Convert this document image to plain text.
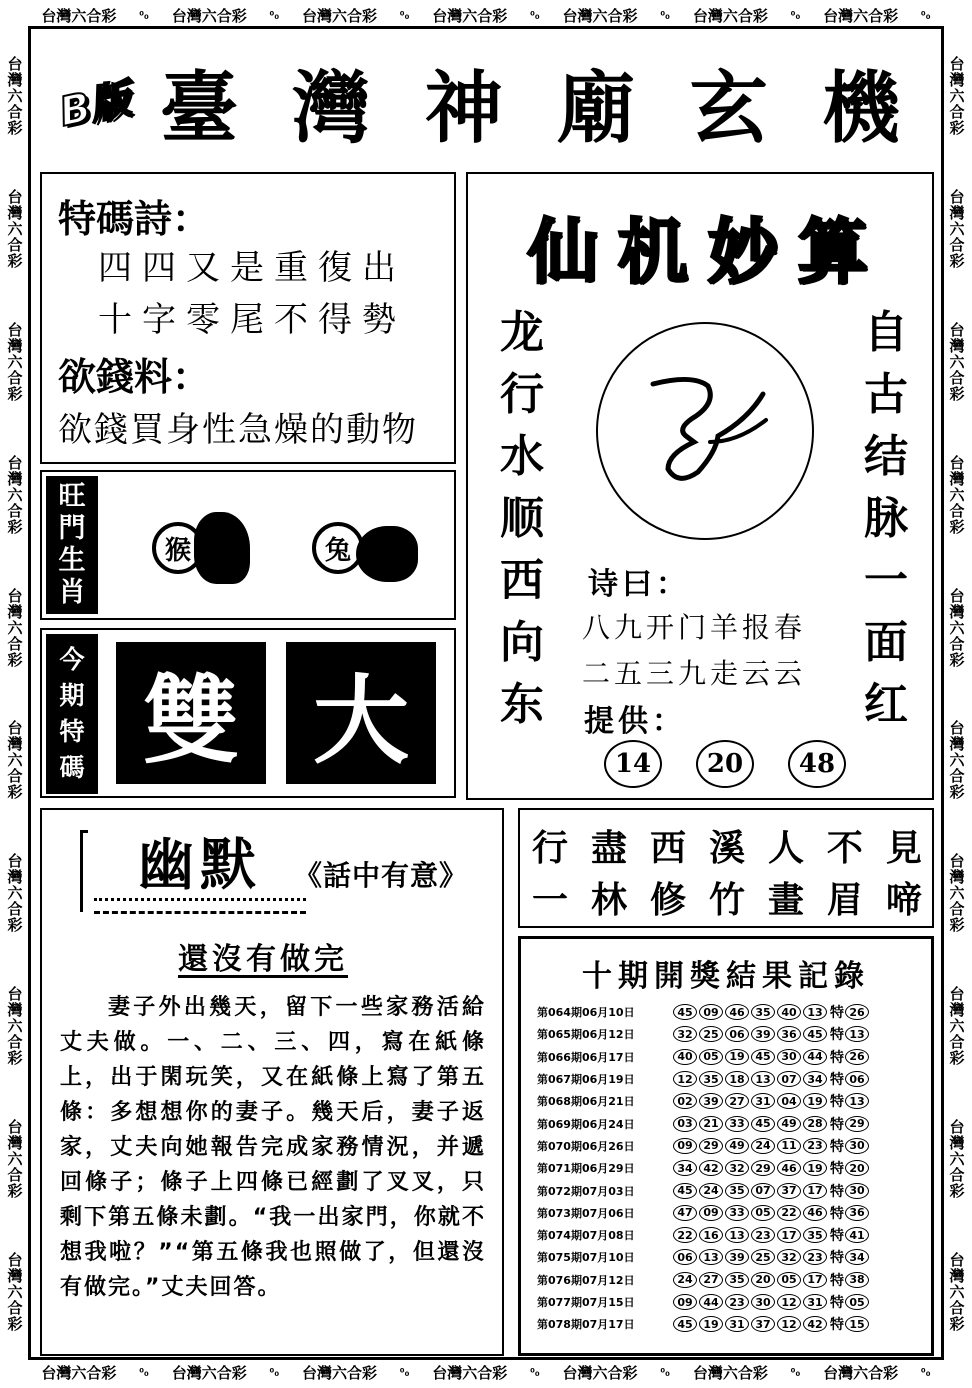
台灣六合彩 ⁰₀ 台灣六合彩 ⁰₀ 台灣六合彩 ⁰₀ 台灣六合彩 ⁰₀ 台灣六合彩 ⁰₀ 台灣六合彩 ⁰₀ 台灣六合彩 ⁰₀
台灣六合彩 ⁰₀ 台灣六合彩 ⁰₀ 台灣六合彩 ⁰₀ 台灣六合彩 ⁰₀ 台灣六合彩 ⁰₀ 台灣六合彩 ⁰₀ 台灣六合彩 ⁰₀
台灣六合彩
台灣六合彩
台灣六合彩
台灣六合彩
台灣六合彩
台灣六合彩
台灣六合彩
台灣六合彩
台灣六合彩
台灣六合彩
台灣六合彩
台灣六合彩
台灣六合彩
台灣六合彩
台灣六合彩
台灣六合彩
台灣六合彩
台灣六合彩
台灣六合彩
台灣六合彩
B版 臺 灣 神 廟 玄 機
特碼詩：
四四又是重復出
十字零尾不得勢
欲錢料：
欲錢買身性急燥的動物
旺
門
生
肖
猴	兔
今
期
特
碼 雙 大
仙 机 妙 算
龙
行
水
顺
西
向
东
自
古
结
脉
一
面
红
诗曰：
八九开门羊报春
二五三九走云云
提供：
14	20	48
幽默	《話中有意》
還沒有做完
妻子外出幾天，留下一些家務活給丈夫做。一、二、三、四，寫在紙條上，出于閑玩笑，又在紙條上寫了第五條：多想想你的妻子。幾天后，妻子返家，丈夫向她報告完成家務情況，并遞回條子；條子上四條已經劃了叉叉，只剩下第五條未劃。“我一出家門，你就不想我啦？”“第五條我也照做了，但還沒有做完。”丈夫回答。
行 盡 西 溪 人 不 見
一 林 修 竹 畫 眉 啼
十期開獎結果記錄
第064期06月10日	45 09 46 35 40 13 特 26
第065期06月12日	32 25 06 39 36 45 特 13
第066期06月17日	40 05 19 45 30 44 特 26
第067期06月19日	12 35 18 13 07 34 特 06
第068期06月21日	02 39 27 31 04 19 特 13
第069期06月24日	03 21 33 45 49 28 特 29
第070期06月26日	09 29 49 24 11 23 特 30
第071期06月29日	34 42 32 29 46 19 特 20
第072期07月03日	45 24 35 07 37 17 特 30
第073期07月06日	47 09 33 05 22 46 特 36
第074期07月08日	22 16 13 23 17 35 特 41
第075期07月10日	06 13 39 25 32 23 特 34
第076期07月12日	24 27 35 20 05 17 特 38
第077期07月15日	09 44 23 30 12 31 特 05
第078期07月17日	45 19 31 37 12 42 特 15
